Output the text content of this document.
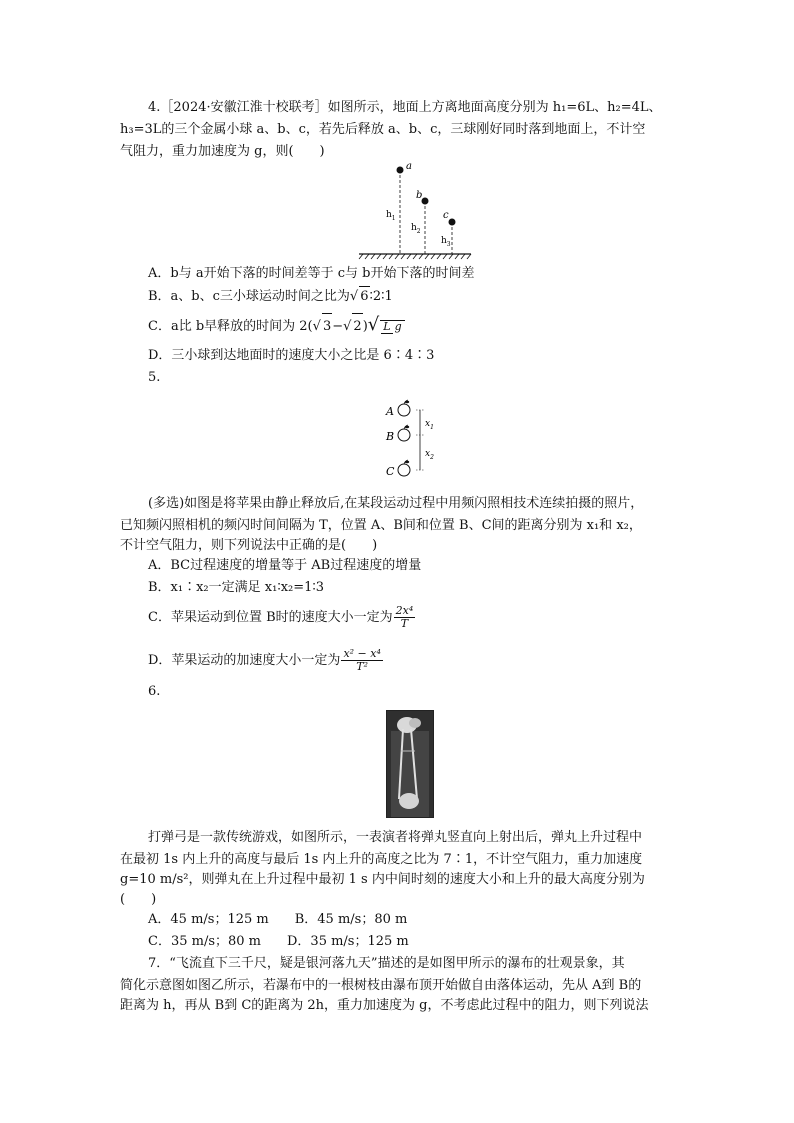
4.［2024·安徽江淮十校联考］如图所示，地面上方离地面高度分别为 h₁=6L、h₂=4L、
h₃=3L的三个金属小球 a、b、c，若先后释放 a、b、c，三球刚好同时落到地面上，不计空
气阻力，重力加速度为 g，则(　　)
a
b
c
$h_1$
$h_2$
$h_3$
A．b与 a开始下落的时间差等于 c与 b开始下落的时间差
B．a、b、c三小球运动时间之比为 √ 6∶2∶1
C．a比 b早释放的时间为 2( √ 3− √ 2) √ L g
D．三小球到达地面时的速度大小之比是 6∶4∶3
5.
A
B
C
$x_1$
$x_2$
(多选)如图是将苹果由静止释放后,在某段运动过程中用频闪照相技术连续拍摄的照片，
已知频闪照相机的频闪时间间隔为 T，位置 A、B间和位置 B、C间的距离分别为 x₁和 x₂，
不计空气阻力，则下列说法中正确的是(　　)
A．BC过程速度的增量等于 AB过程速度的增量
B．x₁∶x₂一定满足 x₁∶x₂=1∶3
C．苹果运动到位置 B时的速度大小一定为 $\frac{\text{2x⁴}}{T}$
D．苹果运动的加速度大小一定为 $\frac{\text{x² − x⁴}}{\text{T²}}$
6.
打弹弓是一款传统游戏，如图所示，一表演者将弹丸竖直向上射出后，弹丸上升过程中
在最初 1s 内上升的高度与最后 1s 内上升的高度之比为 7∶1，不计空气阻力，重力加速度
g=10 m/s²，则弹丸在上升过程中最初 1 s 内中间时刻的速度大小和上升的最大高度分别为
(　　)
A．45 m/s；125 m　　B．45 m/s；80 m
C．35 m/s；80 m　　D．35 m/s；125 m
7．“飞流直下三千尺，疑是银河落九天”描述的是如图甲所示的瀑布的壮观景象，其
简化示意图如图乙所示，若瀑布中的一根树枝由瀑布顶开始做自由落体运动，先从 A到 B的
距离为 h，再从 B到 C的距离为 2h，重力加速度为 g，不考虑此过程中的阻力，则下列说法
